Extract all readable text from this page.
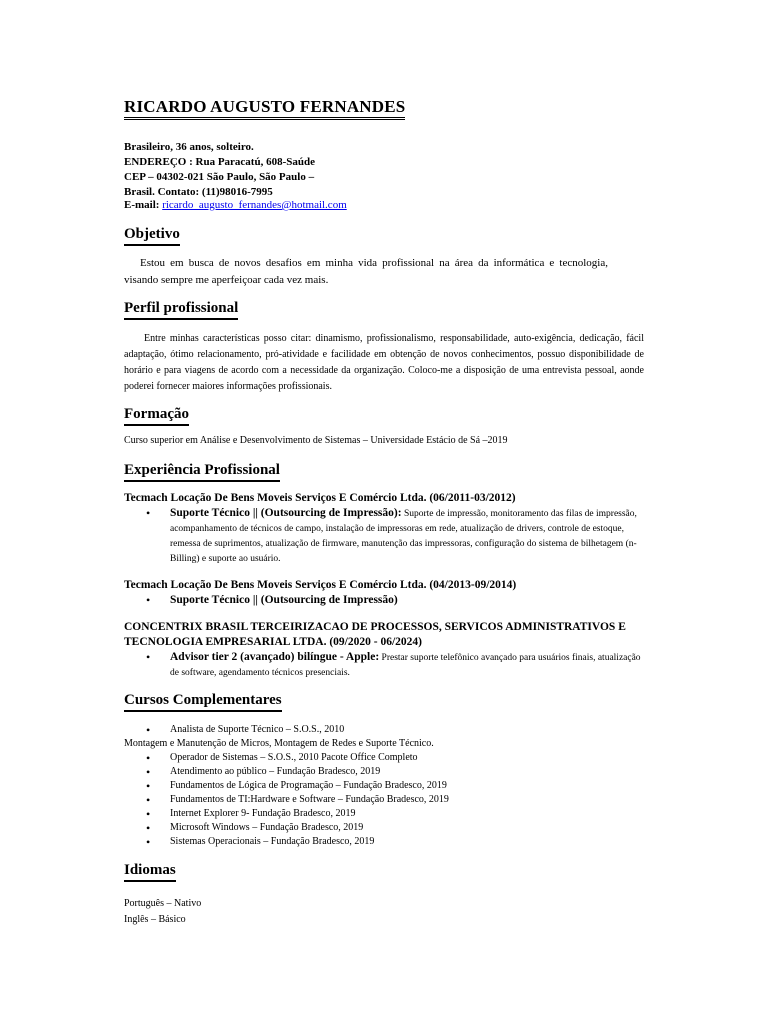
RICARDO AUGUSTO FERNANDES
Brasileiro, 36 anos, solteiro.
ENDEREÇO : Rua Paracatú, 608-Saúde
CEP – 04302-021 São Paulo, São Paulo –
Brasil. Contato: (11)98016-7995
E-mail: ricardo_augusto_fernandes@hotmail.com
Objetivo

Estou em busca de novos desafios em minha vida profissional na área da informática e tecnologia, visando sempre me aperfeiçoar cada vez mais.

Perfil profissional

Entre minhas características posso citar: dinamismo, profissionalismo, responsabilidade, auto-exigência, dedicação, fácil adaptação, ótimo relacionamento, pró-atividade e facilidade em obtenção de novos conhecimentos, possuo disponibilidade de horário e para viagens de acordo com a necessidade da organização. Coloco-me a disposição de uma entrevista pessoal, aonde poderei fornecer maiores informações profissionais.

Formação
Curso superior em Análise e Desenvolvimento de Sistemas – Universidade Estácio de Sá –2019
Experiência Profissional
Tecmach Locação De Bens Moveis Serviços E Comércio Ltda. (06/2011-03/2012)
• Suporte Técnico || (Outsourcing de Impressão): Suporte de impressão, monitoramento das filas de impressão, acompanhamento de técnicos de campo, instalação de impressoras em rede, atualização de drivers, controle de estoque, remessa de suprimentos, atualização de firmware, manutenção das impressoras, configuração do sistema de bilhetagem (n-Billing) e suporte ao usuário.
Tecmach Locação De Bens Moveis Serviços E Comércio Ltda. (04/2013-09/2014)
• Suporte Técnico || (Outsourcing de Impressão)
CONCENTRIX BRASIL TERCEIRIZACAO DE PROCESSOS, SERVICOS ADMINISTRATIVOS E TECNOLOGIA EMPRESARIAL LTDA. (09/2020 - 06/2024)
• Advisor tier 2 (avançado) bilíngue - Apple: Prestar suporte telefônico avançado para usuários finais, atualização de software, agendamento técnicos presenciais.
Cursos Complementares
• Analista de Suporte Técnico – S.O.S., 2010
Montagem e Manutenção de Micros, Montagem de Redes e Suporte Técnico.
• Operador de Sistemas – S.O.S., 2010 Pacote Office Completo
• Atendimento ao público – Fundação Bradesco, 2019
• Fundamentos de Lógica de Programação – Fundação Bradesco, 2019
• Fundamentos de TI:Hardware e Software – Fundação Bradesco, 2019
• Internet Explorer 9- Fundação Bradesco, 2019
• Microsoft Windows – Fundação Bradesco, 2019
• Sistemas Operacionais – Fundação Bradesco, 2019
Idiomas
Português – Nativo
Inglês – Básico
